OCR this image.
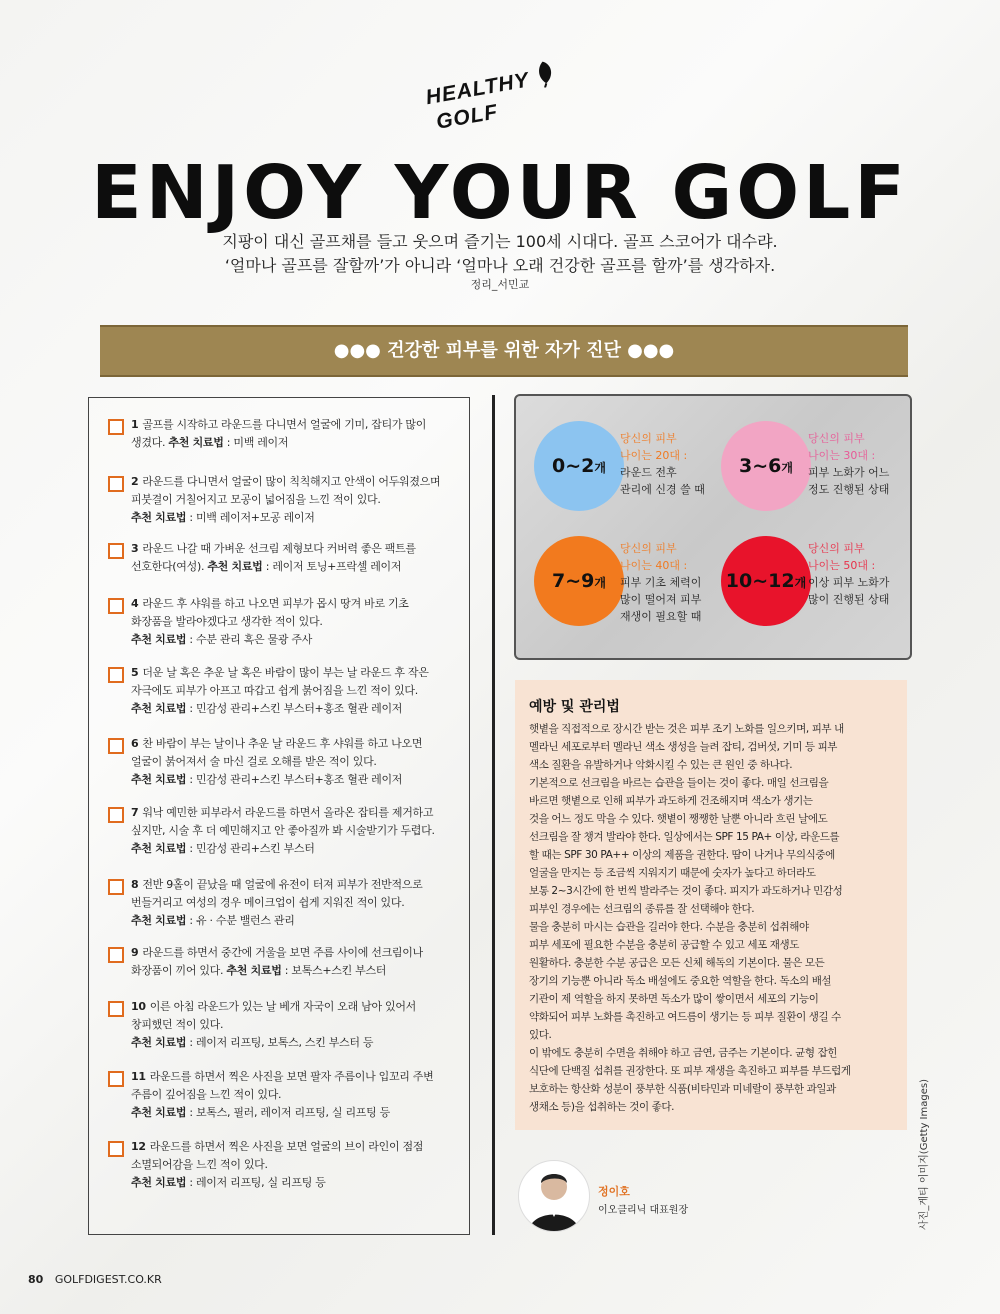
HEALTHY
GOLF
ENJOY YOUR GOLF
지팡이 대신 골프채를 들고 웃으며 즐기는 100세 시대다. 골프 스코어가 대수랴.
‘얼마나 골프를 잘할까’가 아니라 ‘얼마나 오래 건강한 골프를 할까’를 생각하자.
정리_서민교
●●● 건강한 피부를 위한 자가 진단 ●●●
1 골프를 시작하고 라운드를 다니면서 얼굴에 기미, 잡티가 많이
생겼다. 추천 치료법 : 미백 레이저
2 라운드를 다니면서 얼굴이 많이 칙칙해지고 안색이 어두워졌으며
피붓결이 거칠어지고 모공이 넓어짐을 느낀 적이 있다.
추천 치료법 : 미백 레이저+모공 레이저
3 라운드 나갈 때 가벼운 선크림 제형보다 커버력 좋은 팩트를
선호한다(여성). 추천 치료법 : 레이저 토닝+프락셀 레이저
4 라운드 후 샤워를 하고 나오면 피부가 몹시 땅겨 바로 기초
화장품을 발라야겠다고 생각한 적이 있다.
추천 치료법 : 수분 관리 혹은 물광 주사
5 더운 날 혹은 추운 날 혹은 바람이 많이 부는 날 라운드 후 작은
자극에도 피부가 아프고 따갑고 쉽게 붉어짐을 느낀 적이 있다.
추천 치료법 : 민감성 관리+스킨 부스터+홍조 혈관 레이저
6 찬 바람이 부는 날이나 추운 날 라운드 후 샤워를 하고 나오면
얼굴이 붉어져서 술 마신 걸로 오해를 받은 적이 있다.
추천 치료법 : 민감성 관리+스킨 부스터+홍조 혈관 레이저
7 워낙 예민한 피부라서 라운드를 하면서 올라온 잡티를 제거하고
싶지만, 시술 후 더 예민해지고 안 좋아질까 봐 시술받기가 두렵다.
추천 치료법 : 민감성 관리+스킨 부스터
8 전반 9홀이 끝났을 때 얼굴에 유전이 터져 피부가 전반적으로
번들거리고 여성의 경우 메이크업이 쉽게 지워진 적이 있다.
추천 치료법 : 유 · 수분 밸런스 관리
9 라운드를 하면서 중간에 거울을 보면 주름 사이에 선크림이나
화장품이 끼어 있다. 추천 치료법 : 보톡스+스킨 부스터
10 이른 아침 라운드가 있는 날 베개 자국이 오래 남아 있어서
창피했던 적이 있다.
추천 치료법 : 레이저 리프팅, 보톡스, 스킨 부스터 등
11 라운드를 하면서 찍은 사진을 보면 팔자 주름이나 입꼬리 주변
주름이 깊어짐을 느낀 적이 있다.
추천 치료법 : 보톡스, 필러, 레이저 리프팅, 실 리프팅 등
12 라운드를 하면서 찍은 사진을 보면 얼굴의 브이 라인이 점점
소멸되어감을 느낀 적이 있다.
추천 치료법 : 레이저 리프팅, 실 리프팅 등
0~2개
당신의 피부
나이는 20대 :
라운드 전후
관리에 신경 쓸 때
3~6개
당신의 피부
나이는 30대 :
피부 노화가 어느
정도 진행된 상태
7~9개
당신의 피부
나이는 40대 :
피부 기초 체력이
많이 떨어져 피부
재생이 필요할 때
10~12개
당신의 피부
나이는 50대 :
이상 피부 노화가
많이 진행된 상태
예방 및 관리법
햇볕을 직접적으로 장시간 받는 것은 피부 조기 노화를 일으키며, 피부 내
멜라닌 세포로부터 멜라닌 색소 생성을 늘려 잡티, 검버섯, 기미 등 피부
색소 질환을 유발하거나 악화시킬 수 있는 큰 원인 중 하나다.
기본적으로 선크림을 바르는 습관을 들이는 것이 좋다. 매일 선크림을
바르면 햇볕으로 인해 피부가 과도하게 건조해지며 색소가 생기는
것을 어느 정도 막을 수 있다. 햇볕이 쨍쨍한 날뿐 아니라 흐린 날에도
선크림을 잘 챙겨 발라야 한다. 일상에서는 SPF 15 PA+ 이상, 라운드를
할 때는 SPF 30 PA++ 이상의 제품을 권한다. 땀이 나거나 무의식중에
얼굴을 만지는 등 조금씩 지워지기 때문에 숫자가 높다고 하더라도
보통 2~3시간에 한 번씩 발라주는 것이 좋다. 피지가 과도하거나 민감성
피부인 경우에는 선크림의 종류를 잘 선택해야 한다.
물을 충분히 마시는 습관을 길러야 한다. 수분을 충분히 섭취해야
피부 세포에 필요한 수분을 충분히 공급할 수 있고 세포 재생도
원활하다. 충분한 수분 공급은 모든 신체 해독의 기본이다. 물은 모든
장기의 기능뿐 아니라 독소 배설에도 중요한 역할을 한다. 독소의 배설
기관이 제 역할을 하지 못하면 독소가 많이 쌓이면서 세포의 기능이
약화되어 피부 노화를 촉진하고 여드름이 생기는 등 피부 질환이 생길 수
있다.
이 밖에도 충분히 수면을 취해야 하고 금연, 금주는 기본이다. 균형 잡힌
식단에 단백질 섭취를 권장한다. 또 피부 재생을 촉진하고 피부를 부드럽게
보호하는 항산화 성분이 풍부한 식품(비타민과 미네랄이 풍부한 과일과
생채소 등)을 섭취하는 것이 좋다.
정이호
이오클리닉 대표원장	사진_게티 이미지(Getty Images)
80 GOLFDIGEST.CO.KR
